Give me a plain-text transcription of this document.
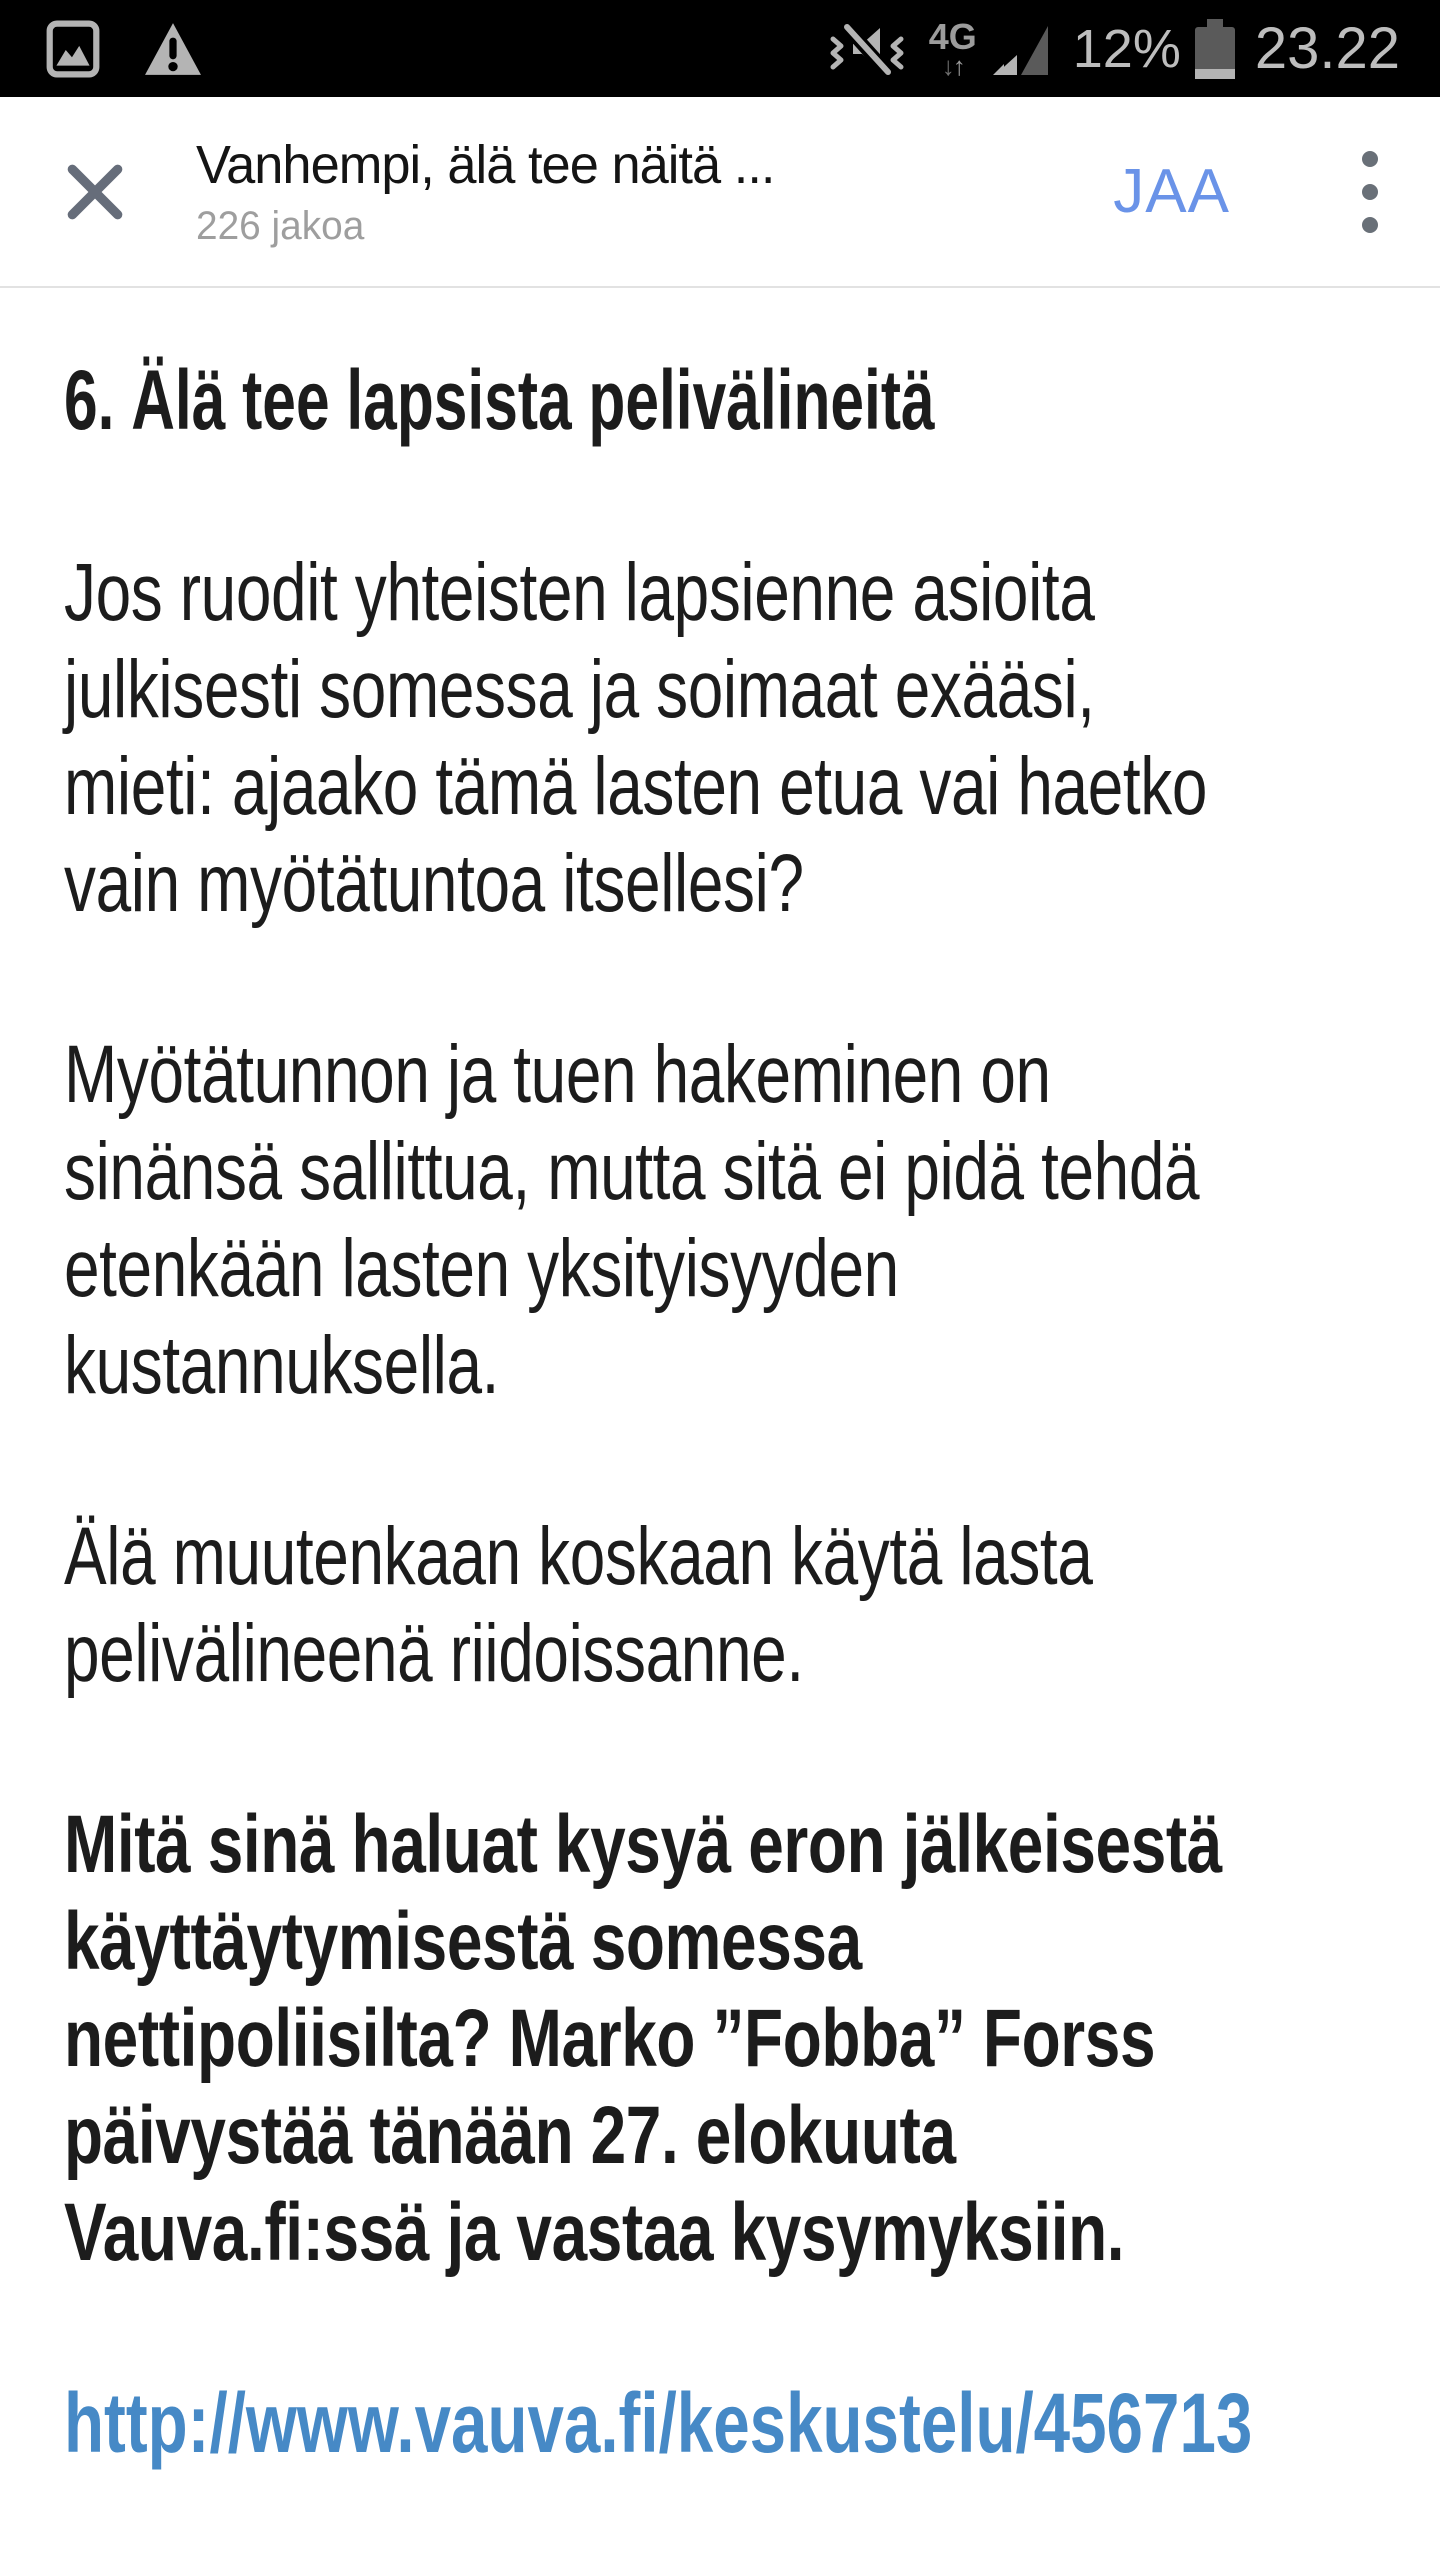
4G
↓↑ 12% 23.22
Vanhempi, älä tee näitä ...
226 jakoa	JAA
6. Älä tee lapsista pelivälineitä
Jos ruodit yhteisten lapsienne asioita
julkisesti somessa ja soimaat exääsi,
mieti: ajaako tämä lasten etua vai haetko
vain myötätuntoa itsellesi?
Myötätunnon ja tuen hakeminen on
sinänsä sallittua, mutta sitä ei pidä tehdä
etenkään lasten yksityisyyden
kustannuksella.
Älä muutenkaan koskaan käytä lasta
pelivälineenä riidoissanne.
Mitä sinä haluat kysyä eron jälkeisestä
käyttäytymisestä somessa
nettipoliisilta? Marko ”Fobba” Forss
päivystää tänään 27. elokuuta
Vauva.fi:ssä ja vastaa kysymyksiin.
http://www.vauva.fi/keskustelu/456713
